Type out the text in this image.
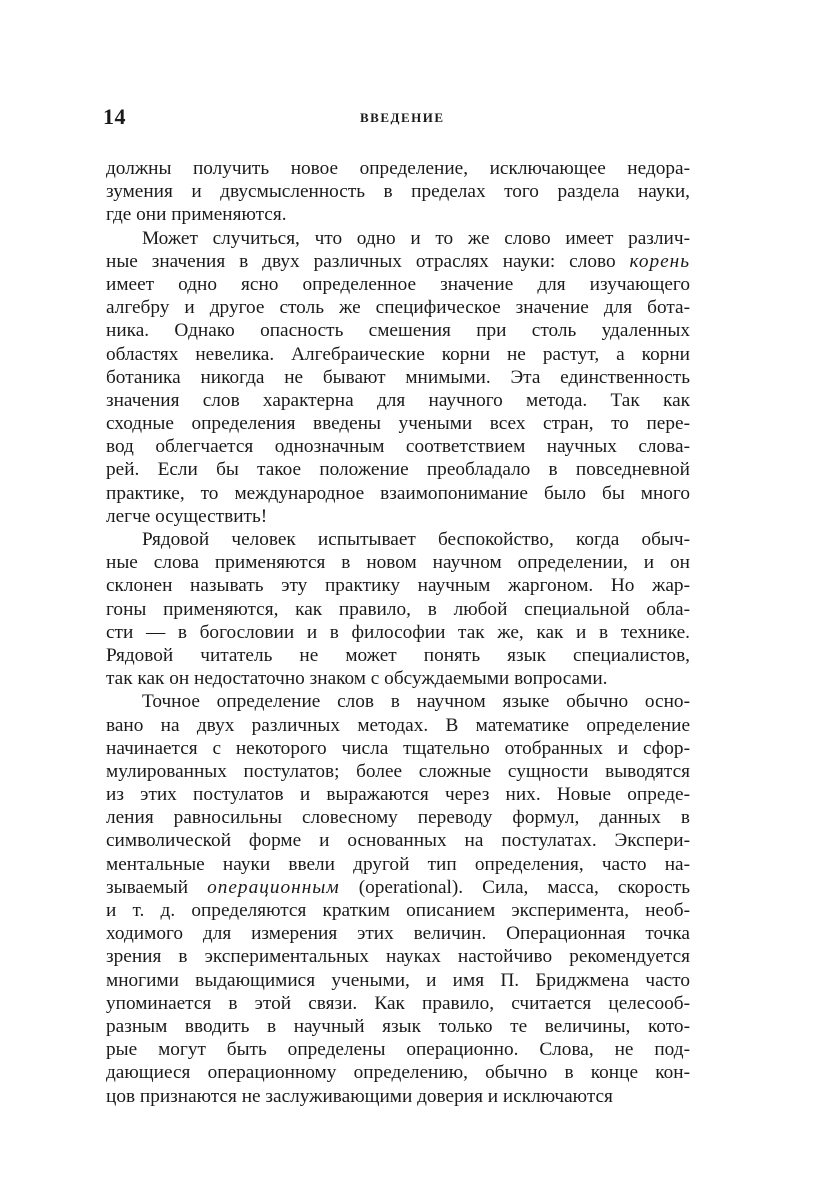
14	ВВЕДЕНИЕ
должны получить новое определение, исключающее недора-
зумения и двусмысленность в пределах того раздела науки,
где они применяются.
Может случиться, что одно и то же слово имеет различ-
ные значения в двух различных отраслях науки: слово корень
имеет одно ясно определенное значение для изучающего
алгебру и другое столь же специфическое значение для бота-
ника. Однако опасность смешения при столь удаленных
областях невелика. Алгебраические корни не растут, а корни
ботаника никогда не бывают мнимыми. Эта единственность
значения слов характерна для научного метода. Так как
сходные определения введены учеными всех стран, то пере-
вод облегчается однозначным соответствием научных слова-
рей. Если бы такое положение преобладало в повседневной
практике, то международное взаимопонимание было бы много
легче осуществить!
Рядовой человек испытывает беспокойство, когда обыч-
ные слова применяются в новом научном определении, и он
склонен называть эту практику научным жаргоном. Но жар-
гоны применяются, как правило, в любой специальной обла-
сти — в богословии и в философии так же, как и в технике.
Рядовой читатель не может понять язык специалистов,
так как он недостаточно знаком с обсуждаемыми вопросами.
Точное определение слов в научном языке обычно осно-
вано на двух различных методах. В математике определение
начинается с некоторого числа тщательно отобранных и сфор-
мулированных постулатов; более сложные сущности выводятся
из этих постулатов и выражаются через них. Новые опреде-
ления равносильны словесному переводу формул, данных в
символической форме и основанных на постулатах. Экспери-
ментальные науки ввели другой тип определения, часто на-
зываемый операционным (operational). Сила, масса, скорость
и т. д. определяются кратким описанием эксперимента, необ-
ходимого для измерения этих величин. Операционная точка
зрения в экспериментальных науках настойчиво рекомендуется
многими выдающимися учеными, и имя П. Бриджмена часто
упоминается в этой связи. Как правило, считается целесооб-
разным вводить в научный язык только те величины, кото-
рые могут быть определены операционно. Слова, не под-
дающиеся операционному определению, обычно в конце кон-
цов признаются не заслуживающими доверия и исключаются
